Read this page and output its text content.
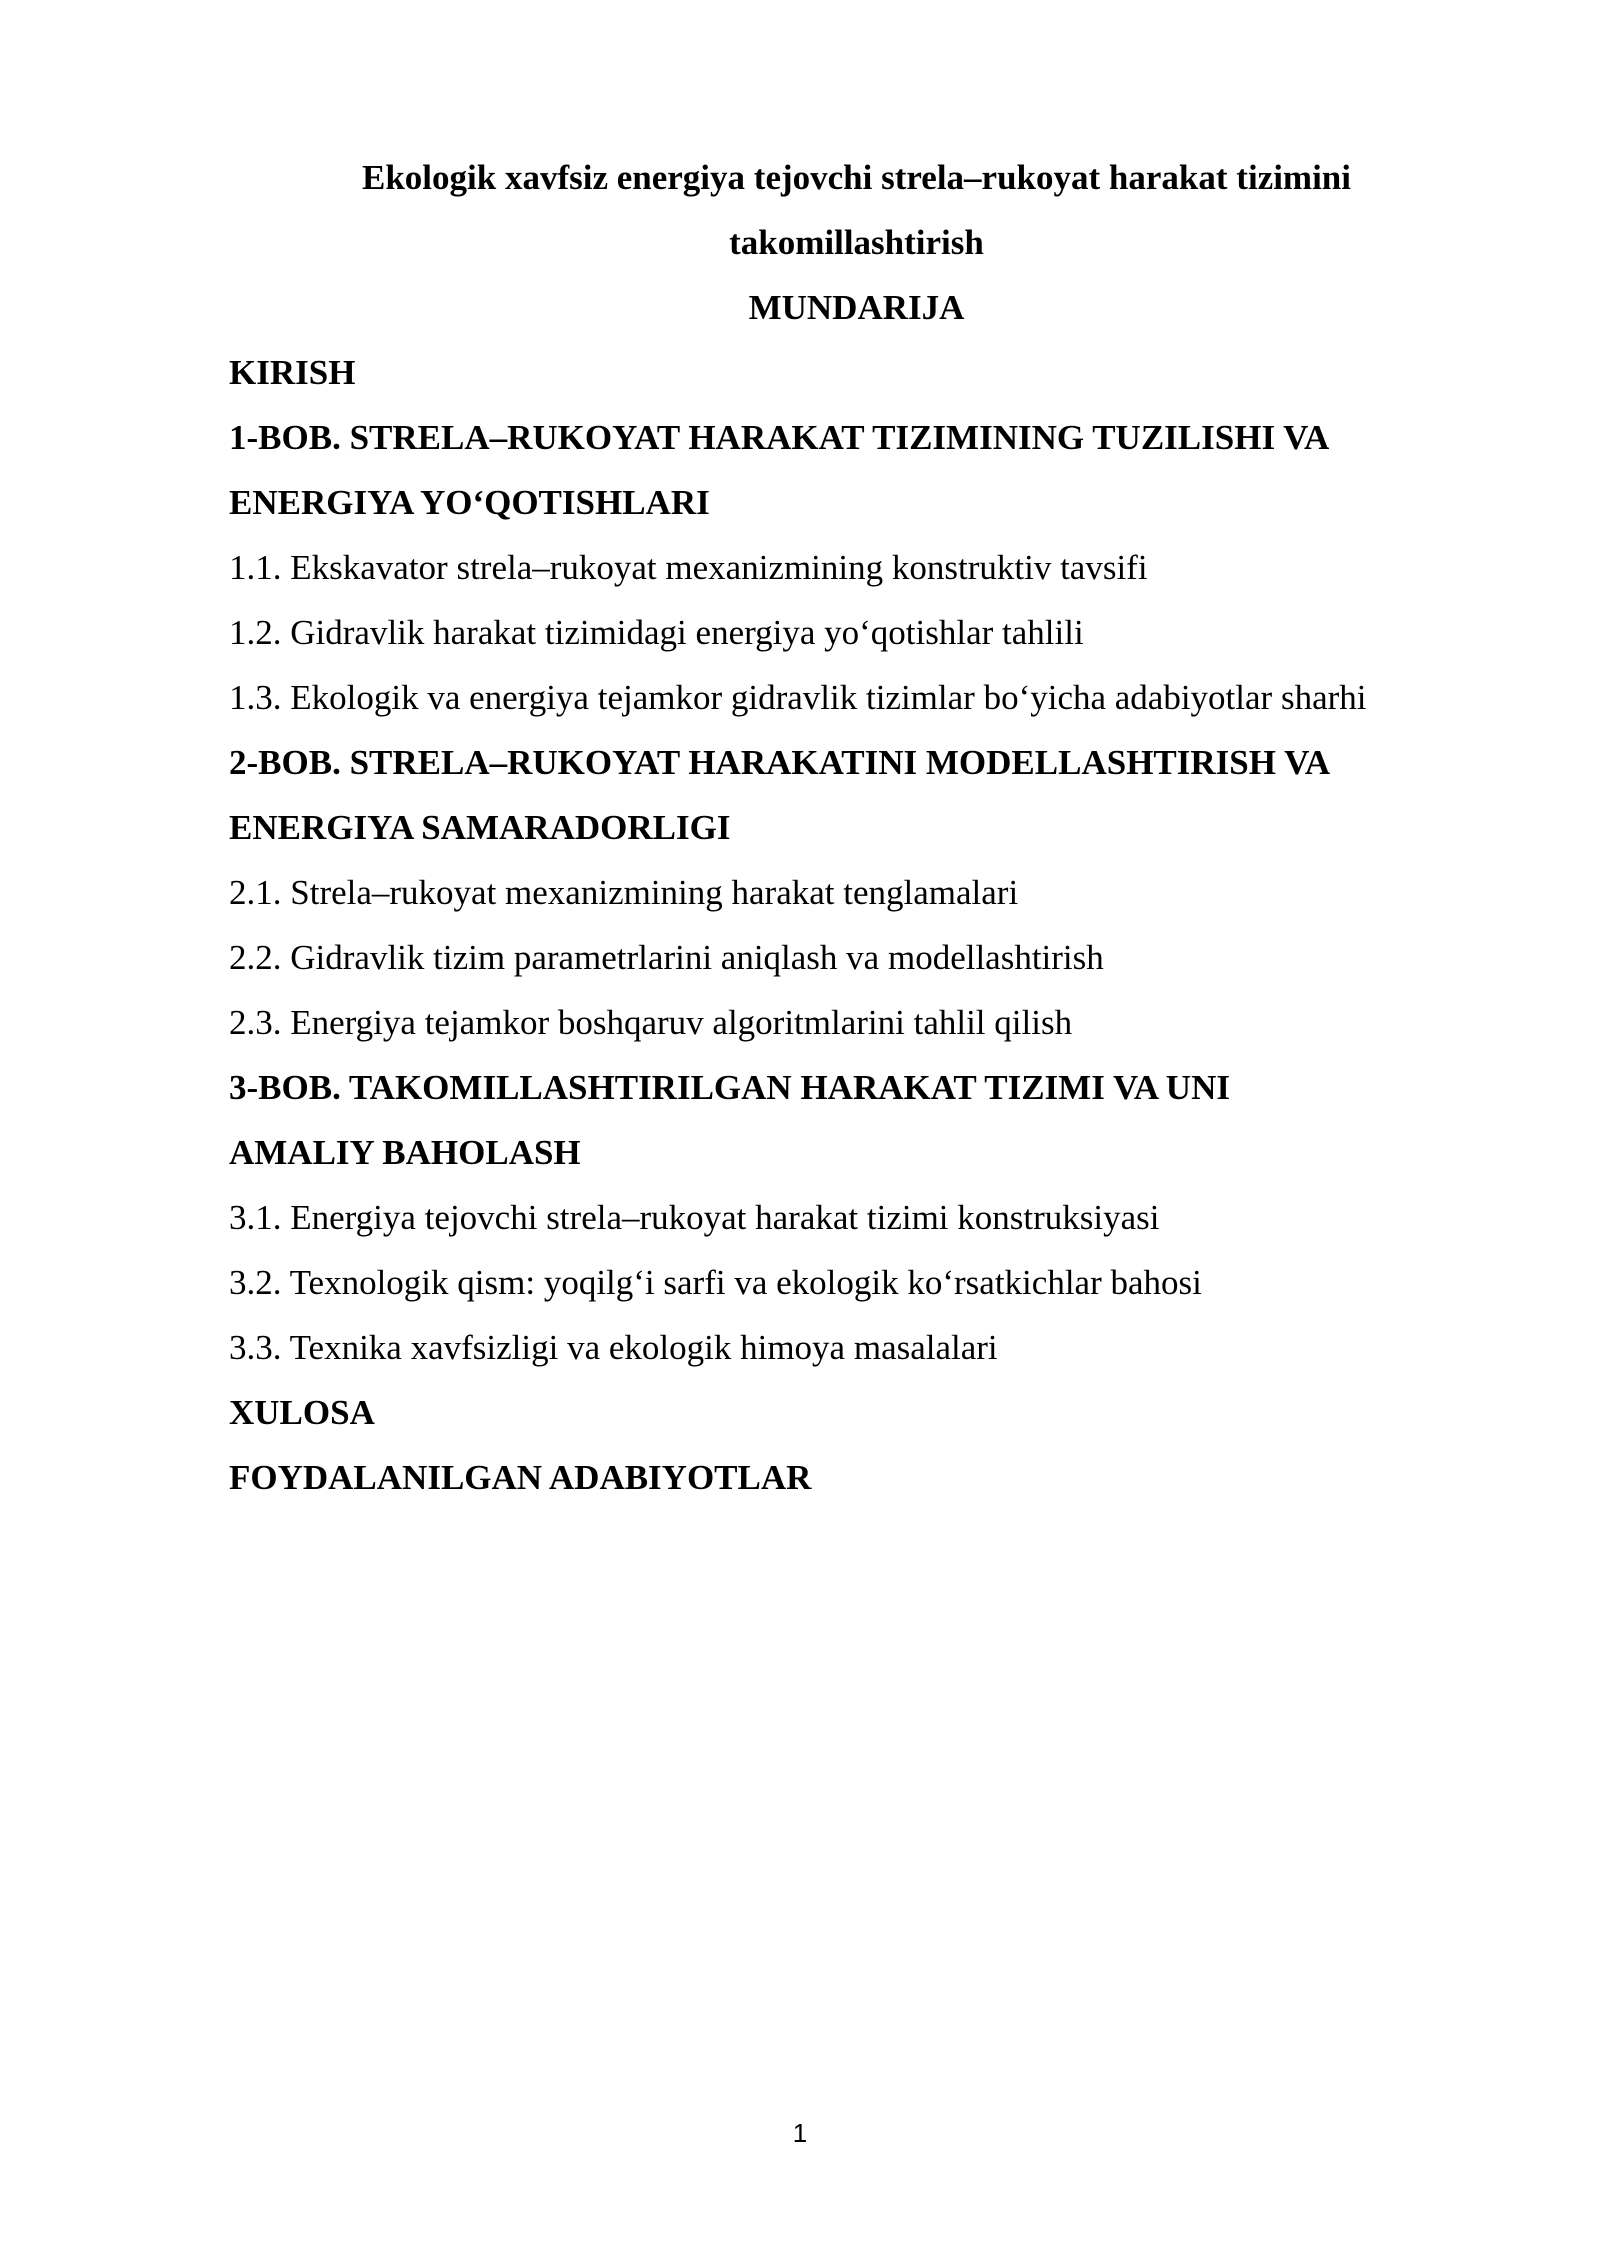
Ekologik xavfsiz energiya tejovchi strela–rukoyat harakat tizimini
takomillashtirish
MUNDARIJA
KIRISH
1-BOB. STRELA–RUKOYAT HARAKAT TIZIMINING TUZILISHI VA
ENERGIYA YO‘QOTISHLARI
1.1. Ekskavator strela–rukoyat mexanizmining konstruktiv tavsifi
1.2. Gidravlik harakat tizimidagi energiya yo‘qotishlar tahlili
1.3. Ekologik va energiya tejamkor gidravlik tizimlar bo‘yicha adabiyotlar sharhi
2-BOB. STRELA–RUKOYAT HARAKATINI MODELLASHTIRISH VA
ENERGIYA SAMARADORLIGI
2.1. Strela–rukoyat mexanizmining harakat tenglamalari
2.2. Gidravlik tizim parametrlarini aniqlash va modellashtirish
2.3. Energiya tejamkor boshqaruv algoritmlarini tahlil qilish
3-BOB. TAKOMILLASHTIRILGAN HARAKAT TIZIMI VA UNI
AMALIY BAHOLASH
3.1. Energiya tejovchi strela–rukoyat harakat tizimi konstruksiyasi
3.2. Texnologik qism: yoqilg‘i sarfi va ekologik ko‘rsatkichlar bahosi
3.3. Texnika xavfsizligi va ekologik himoya masalalari
XULOSA
FOYDALANILGAN ADABIYOTLAR
1
